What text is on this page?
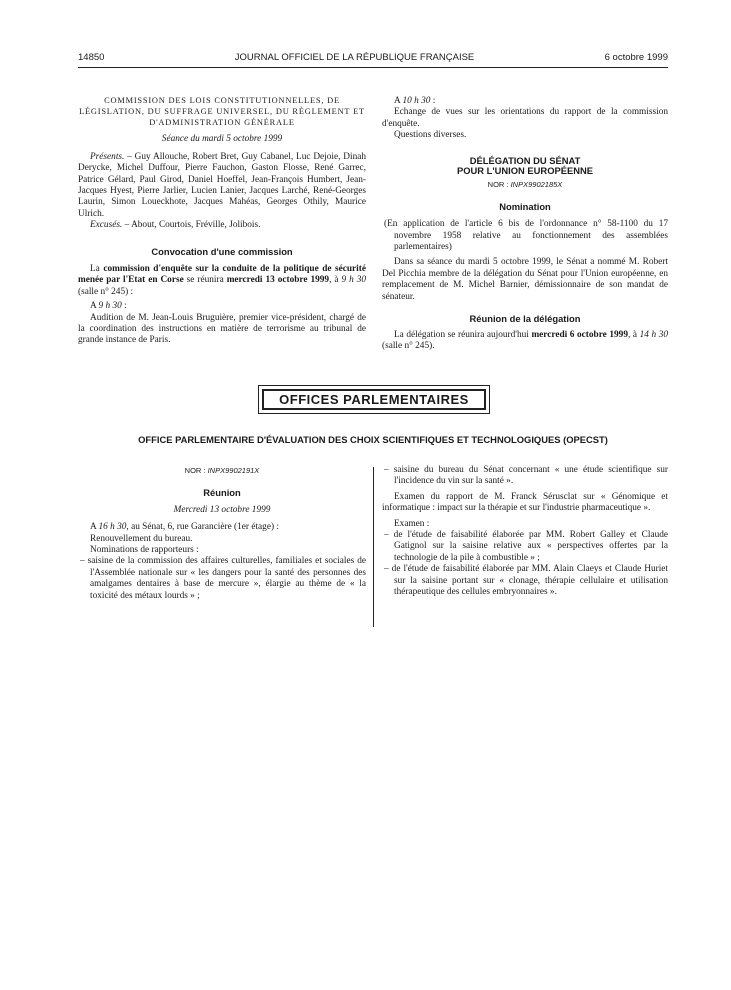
14850	JOURNAL OFFICIEL DE LA RÉPUBLIQUE FRANÇAISE	6 octobre 1999

COMMISSION DES LOIS CONSTITUTIONNELLES, DE LÉGISLATION, DU SUFFRAGE UNIVERSEL, DU RÈGLEMENT ET D'ADMINISTRATION GÉNÉRALE

Séance du mardi 5 octobre 1999

Présents. – Guy Allouche, Robert Bret, Guy Cabanel, Luc Dejoie, Dinah Derycke, Michel Duffour, Pierre Fauchon, Gaston Flosse, René Garrec, Patrice Gélard, Paul Girod, Daniel Hoeffel, Jean-François Humbert, Jean-Jacques Hyest, Pierre Jarlier, Lucien Lanier, Jacques Larché, René-Georges Laurin, Simon Loueckhote, Jacques Mahéas, Georges Othily, Maurice Ulrich.

Excusés. – About, Courtois, Fréville, Jolibois.

Convocation d'une commission

La commission d'enquête sur la conduite de la politique de sécurité menée par l'Etat en Corse se réunira mercredi 13 octobre 1999, à 9 h 30 (salle n° 245) :

A 9 h 30 :

Audition de M. Jean-Louis Bruguière, premier vice-président, chargé de la coordination des instructions en matière de terrorisme au tribunal de grande instance de Paris.

A 10 h 30 :

Echange de vues sur les orientations du rapport de la commission d'enquête.

Questions diverses.

DÉLÉGATION DU SÉNAT
POUR L'UNION EUROPÉENNE

NOR : INPX9902185X

Nomination

(En application de l'article 6 bis de l'ordonnance n° 58-1100 du 17 novembre 1958 relative au fonctionnement des assemblées parlementaires)

Dans sa séance du mardi 5 octobre 1999, le Sénat a nommé M. Robert Del Picchia membre de la délégation du Sénat pour l'Union européenne, en remplacement de M. Michel Barnier, démissionnaire de son mandat de sénateur.

Réunion de la délégation

La délégation se réunira aujourd'hui mercredi 6 octobre 1999, à 14 h 30 (salle n° 245).

OFFICES PARLEMENTAIRES
OFFICE PARLEMENTAIRE D'ÉVALUATION DES CHOIX SCIENTIFIQUES ET TECHNOLOGIQUES (OPECST)

NOR : INPX9902191X

Réunion

Mercredi 13 octobre 1999

A 16 h 30, au Sénat, 6, rue Garancière (1er étage) :

Renouvellement du bureau.

Nominations de rapporteurs :

– saisine de la commission des affaires culturelles, familiales et sociales de l'Assemblée nationale sur « les dangers pour la santé des personnes des amalgames dentaires à base de mercure », élargie au thème de « la toxicité des métaux lourds » ;

– saisine du bureau du Sénat concernant « une étude scientifique sur l'incidence du vin sur la santé ».

Examen du rapport de M. Franck Sérusclat sur « Génomique et informatique : impact sur la thérapie et sur l'industrie pharmaceutique ».

Examen :

– de l'étude de faisabilité élaborée par MM. Robert Galley et Claude Gatignol sur la saisine relative aux « perspectives offertes par la technologie de la pile à combustible » ;

– de l'étude de faisabilité élaborée par MM. Alain Claeys et Claude Huriet sur la saisine portant sur « clonage, thérapie cellulaire et utilisation thérapeutique des cellules embryonnaires ».
